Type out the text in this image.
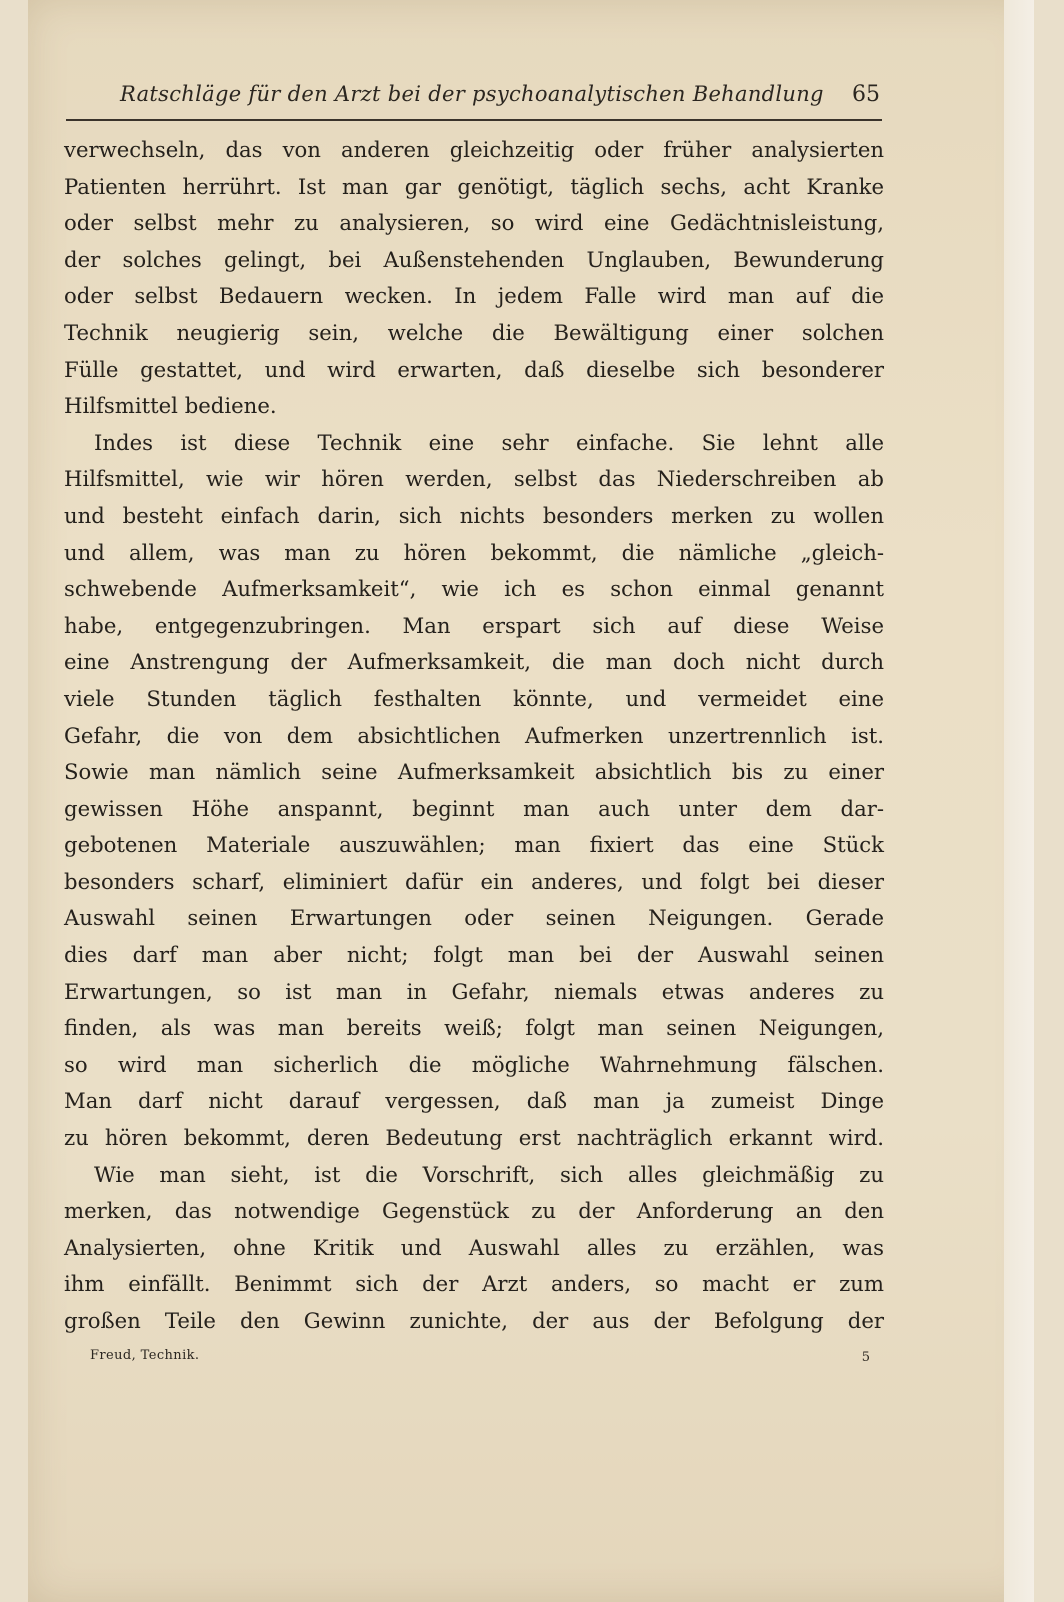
Ratschläge für den Arzt bei der psychoanalytischen Behandlung 65
verwechseln, das von anderen gleichzeitig oder früher analysierten
Patienten herrührt. Ist man gar genötigt, täglich sechs, acht Kranke
oder selbst mehr zu analysieren, so wird eine Gedächtnisleistung,
der solches gelingt, bei Außenstehenden Unglauben, Bewunderung
oder selbst Bedauern wecken. In jedem Falle wird man auf die
Technik neugierig sein, welche die Bewältigung einer solchen
Fülle gestattet, und wird erwarten, daß dieselbe sich besonderer
Hilfsmittel bediene.
Indes ist diese Technik eine sehr einfache. Sie lehnt alle
Hilfsmittel, wie wir hören werden, selbst das Niederschreiben ab
und besteht einfach darin, sich nichts besonders merken zu wollen
und allem, was man zu hören bekommt, die nämliche „gleich-
schwebende Aufmerksamkeit“, wie ich es schon einmal genannt
habe, entgegenzubringen. Man erspart sich auf diese Weise
eine Anstrengung der Aufmerksamkeit, die man doch nicht durch
viele Stunden täglich festhalten könnte, und vermeidet eine
Gefahr, die von dem absichtlichen Aufmerken unzertrennlich ist.
Sowie man nämlich seine Aufmerksamkeit absichtlich bis zu einer
gewissen Höhe anspannt, beginnt man auch unter dem dar-
gebotenen Materiale auszuwählen; man fixiert das eine Stück
besonders scharf, eliminiert dafür ein anderes, und folgt bei dieser
Auswahl seinen Erwartungen oder seinen Neigungen. Gerade
dies darf man aber nicht; folgt man bei der Auswahl seinen
Erwartungen, so ist man in Gefahr, niemals etwas anderes zu
finden, als was man bereits weiß; folgt man seinen Neigungen,
so wird man sicherlich die mögliche Wahrnehmung fälschen.
Man darf nicht darauf vergessen, daß man ja zumeist Dinge
zu hören bekommt, deren Bedeutung erst nachträglich erkannt wird.
Wie man sieht, ist die Vorschrift, sich alles gleichmäßig zu
merken, das notwendige Gegenstück zu der Anforderung an den
Analysierten, ohne Kritik und Auswahl alles zu erzählen, was
ihm einfällt. Benimmt sich der Arzt anders, so macht er zum
großen Teile den Gewinn zunichte, der aus der Befolgung der
Freud, Technik.	5
